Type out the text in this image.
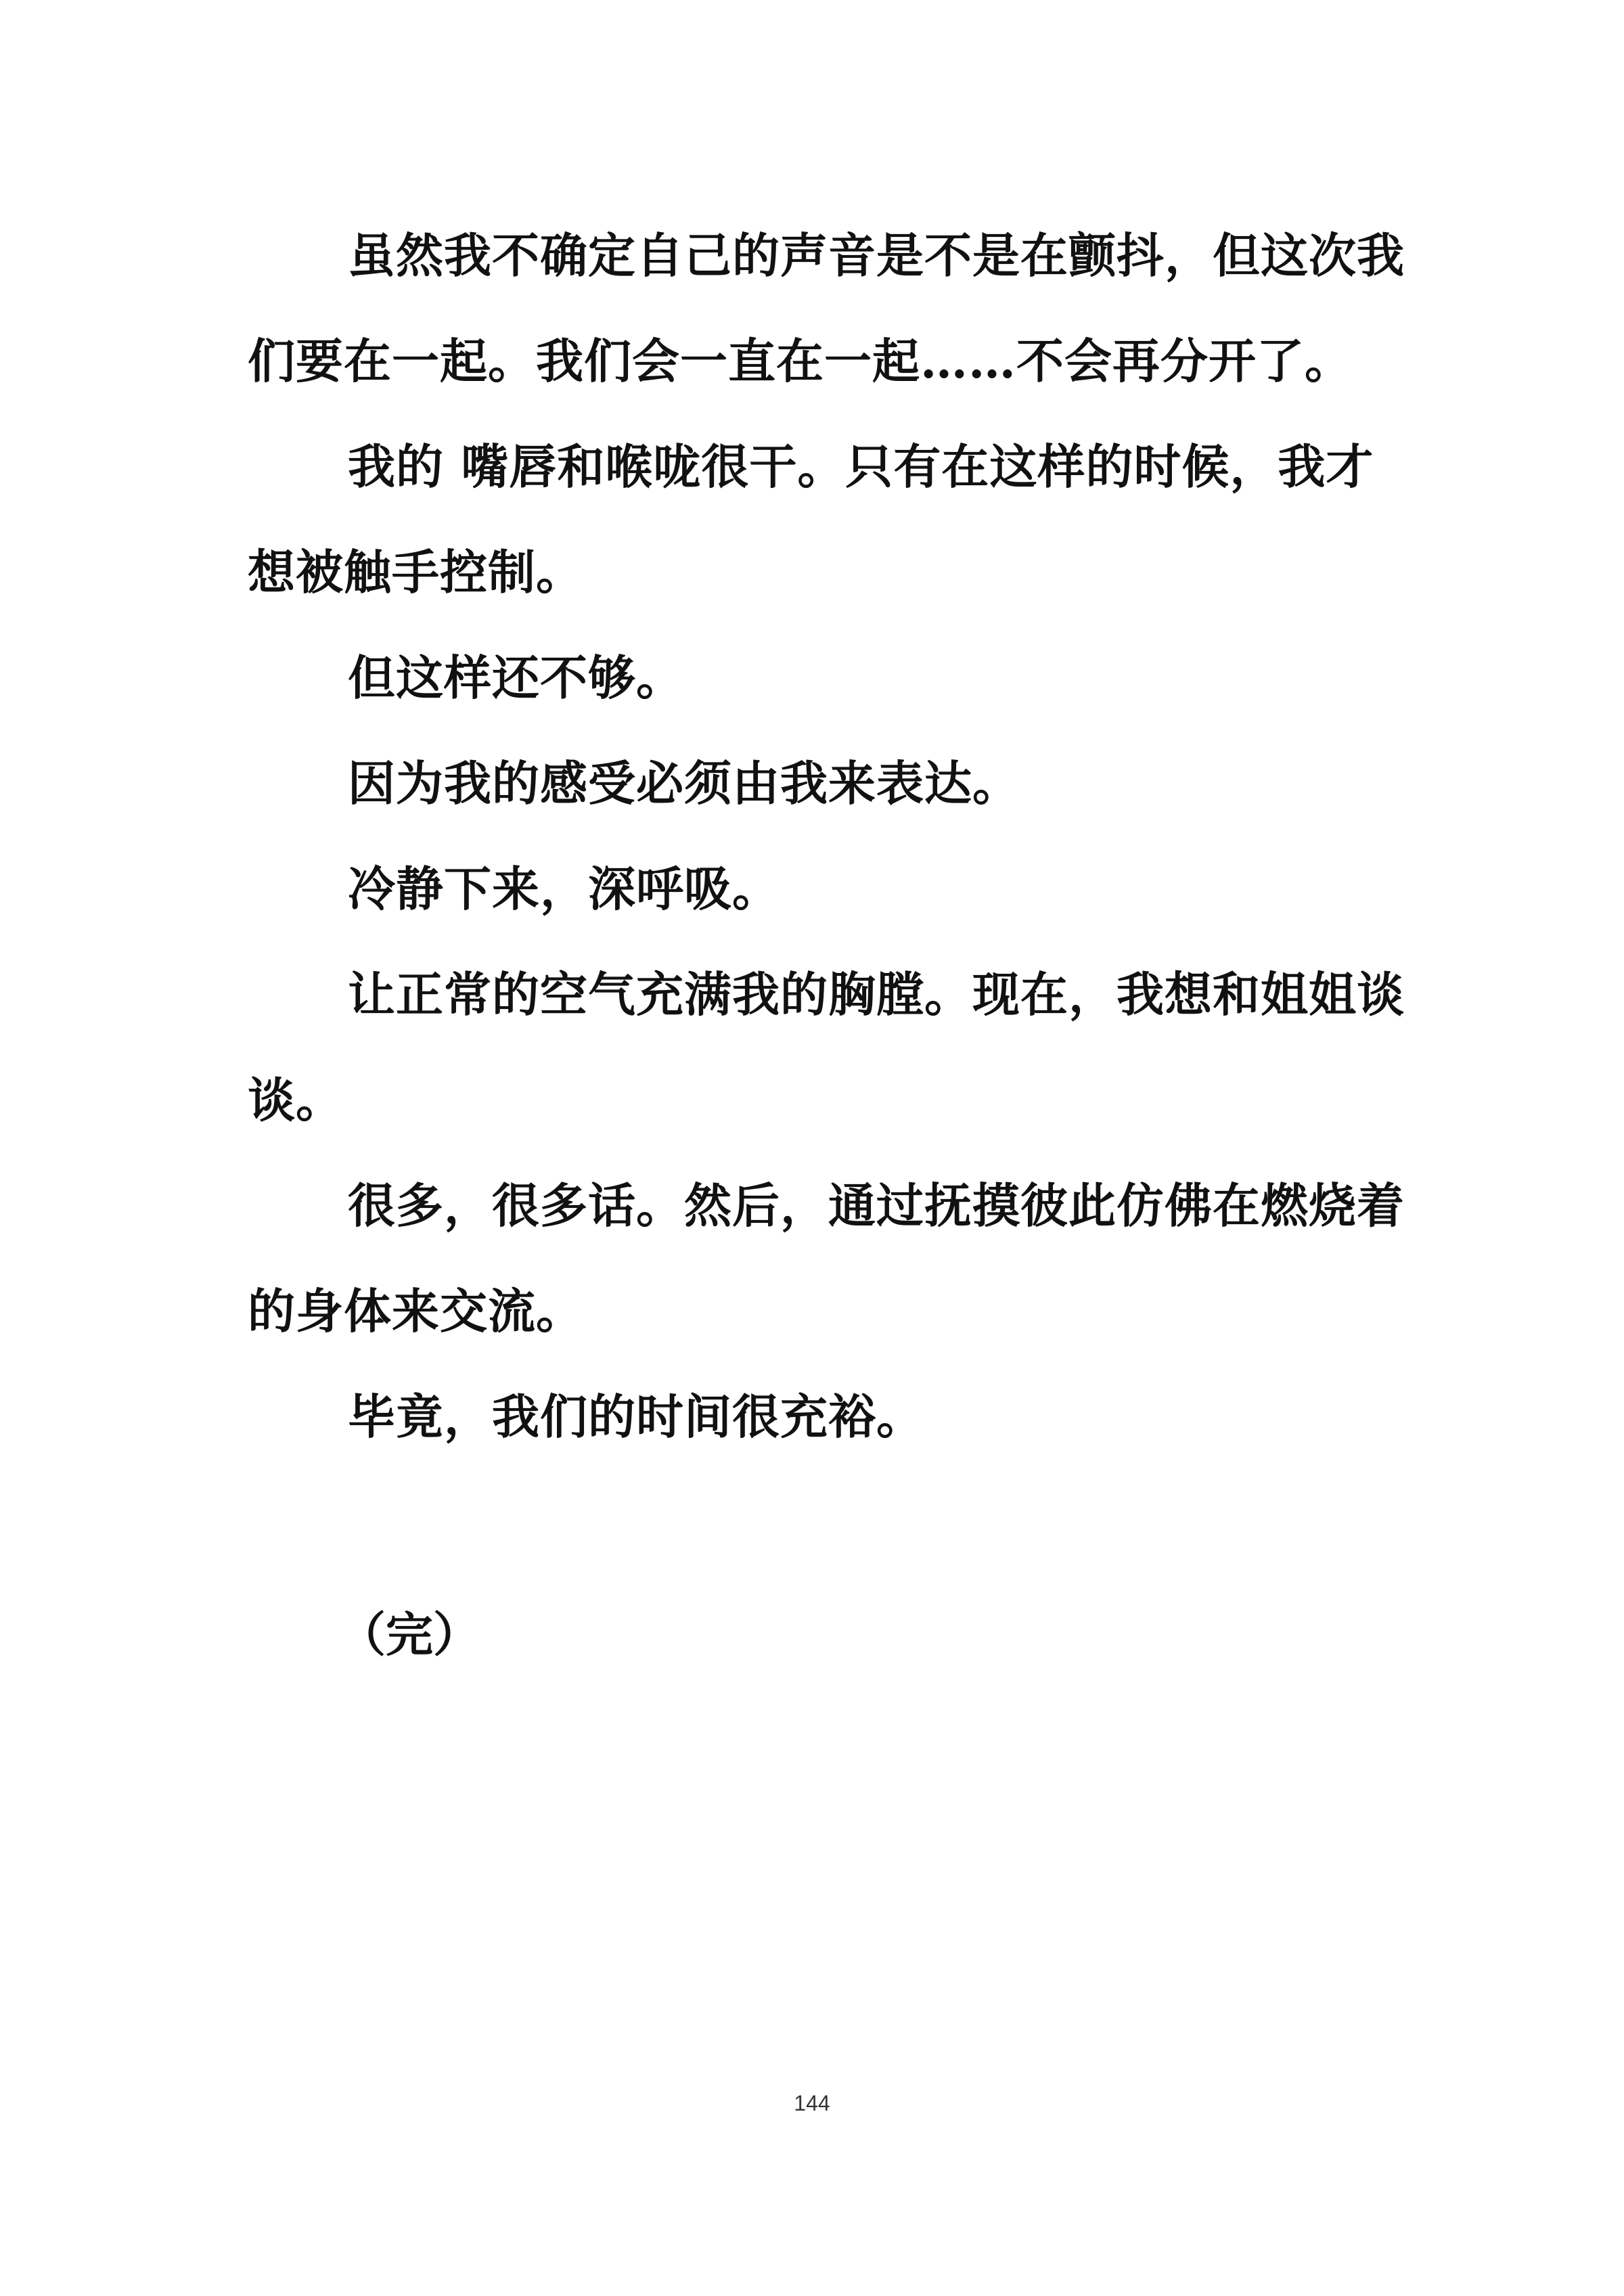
虽然我不确定自己的声音是不是在颤抖，但这次我们要在一起。我们会一直在一起……不会再分开了。

我的 嘴唇和喉咙很干。只有在这样的时候，我才想被触手控制。

但这样还不够。

因为我的感受必须由我来表达。

冷静下来，深呼吸。

让正常的空气充满我的胸膛。现在，我想和姐姐谈谈。

很多，很多话。然后，通过抚摸彼此仿佛在燃烧着的身体来交流。

毕竟，我们的时间很充裕。

（完）

144
